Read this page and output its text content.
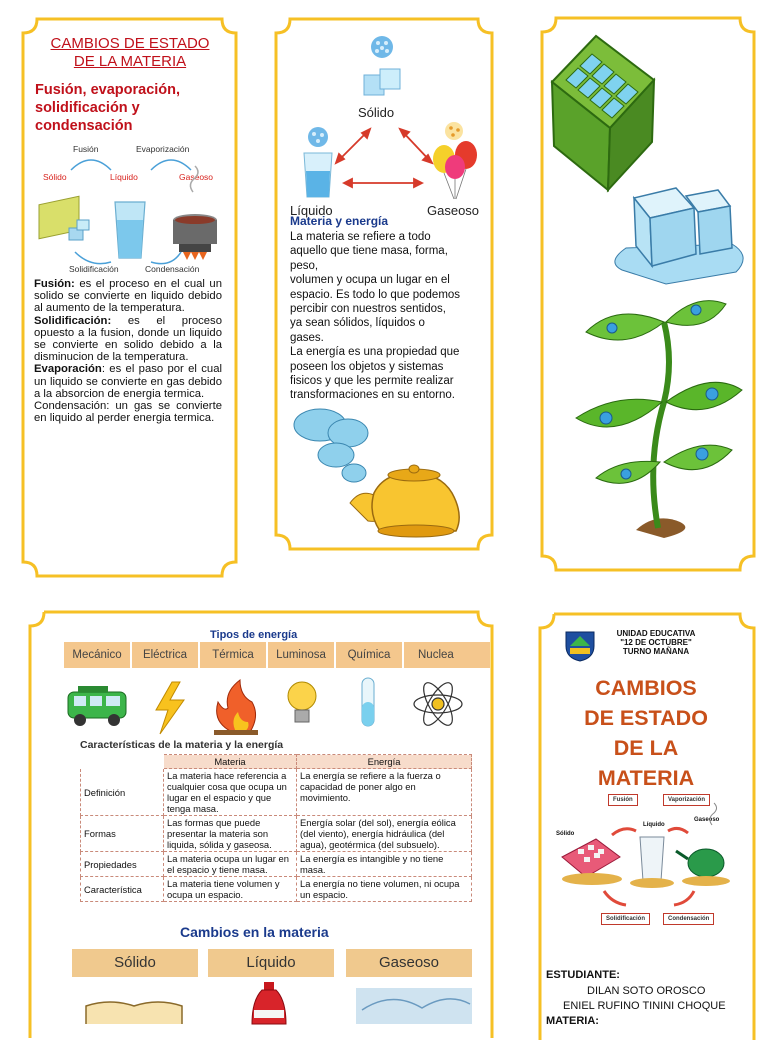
CAMBIOS DE ESTADO DE LA MATERIA
Fusión, evaporación, solidificación y condensación
Fusión	Evaporización
Sólido	Líquido	Gaseoso
Solidificación	Condensación
Fusión: es el proceso en el cual un solido se convierte en liquido debido al aumento de la temperatura.
Solidificación: es el proceso opuesto a la fusion, donde un liquido se convierte en solido debido a la disminucion de la temperatura.
Evaporación: es el paso por el cual un liquido se convierte en gas debido a la absorcion de energia termica.
Condensación: un gas se convierte en liquido al perder energia termica.
Sólido
Líquido	Gaseoso
Materia y energía
La materia se refiere a todo
aquello que tiene masa, forma,
peso,
volumen y ocupa un lugar en el
espacio. Es todo lo que podemos
percibir con nuestros sentidos,
ya sean sólidos, líquidos o
gases.
La energía es una propiedad que
poseen los objetos y sistemas
fisicos y que les permite realizar
transformaciones en su entorno.
Tipos de energía
Mecánico	Eléctrica	Térmica	Luminosa	Química	Nuclea
Características de la materia y la energía
	Materia	Energía
Definición	La materia hace referencia a cualquier cosa que ocupa un lugar en el espacio y que tenga masa.	La energía se refiere a la fuerza o capacidad de poner algo en movimiento.
Formas	Las formas que puede presentar la materia son liquida, sólida y gaseosa.	Energía solar (del sol), energía eólica (del viento), energía hidráulica (del agua), geotérmica (del subsuelo).
Propiedades	La materia ocupa un lugar en el espacio y tiene masa.	La energía es intangible y no tiene masa.
Característica	La materia tiene volumen y ocupa un espacio.	La energía no tiene volumen, ni ocupa un espacio.
Cambios en la materia
Sólido	Líquido	Gaseoso
UNIDAD EDUCATIVA
"12 DE OCTUBRE"
TURNO MAÑANA
CAMBIOS
DE ESTADO
DE LA
MATERIA
Fusión	Vaporización
Sólido
Líquido
Gaseoso
Solidificación	Condensación
ESTUDIANTE:
DILAN SOTO OROSCO
ENIEL RUFINO TININI CHOQUE
MATERIA:
